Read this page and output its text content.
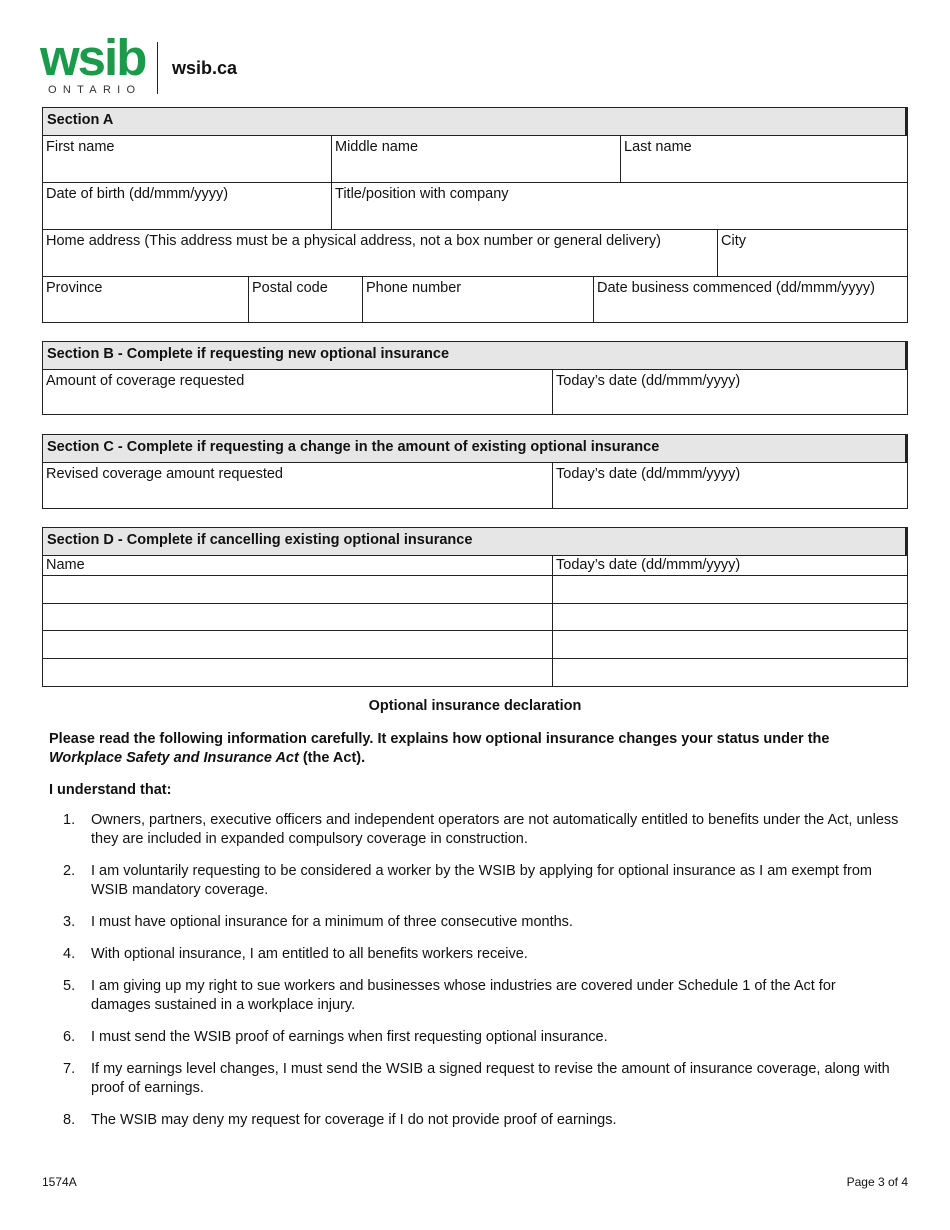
wsib
ONTARIO
wsib.ca
Section A
First name	Middle name	Last name
Date of birth (dd/mmm/yyyy)	Title/position with company
Home address (This address must be a physical address, not a box number or general delivery)	City
Province	Postal code	Phone number	Date business commenced (dd/mmm/yyyy)
Section B - Complete if requesting new optional insurance
Amount of coverage requested	Today’s date (dd/mmm/yyyy)
Section C - Complete if requesting a change in the amount of existing optional insurance
Revised coverage amount requested	Today’s date (dd/mmm/yyyy)
Section D - Complete if cancelling existing optional insurance
Name	Today’s date (dd/mmm/yyyy)
Optional insurance declaration
Please read the following information carefully. It explains how optional insurance changes your status under the
Workplace Safety and Insurance Act (the Act).
I understand that:
1.	Owners, partners, executive officers and independent operators are not automatically entitled to benefits under the Act, unless they are included in expanded compulsory coverage in construction.
2.	I am voluntarily requesting to be considered a worker by the WSIB by applying for optional insurance as I am exempt from WSIB mandatory coverage.
3.	I must have optional insurance for a minimum of three consecutive months.
4.	With optional insurance, I am entitled to all benefits workers receive.
5.	I am giving up my right to sue workers and businesses whose industries are covered under Schedule 1 of the Act for damages sustained in a workplace injury.
6.	I must send the WSIB proof of earnings when first requesting optional insurance.
7.	If my earnings level changes, I must send the WSIB a signed request to revise the amount of insurance coverage, along with proof of earnings.
8.	The WSIB may deny my request for coverage if I do not provide proof of earnings.
1574A	Page 3 of 4
